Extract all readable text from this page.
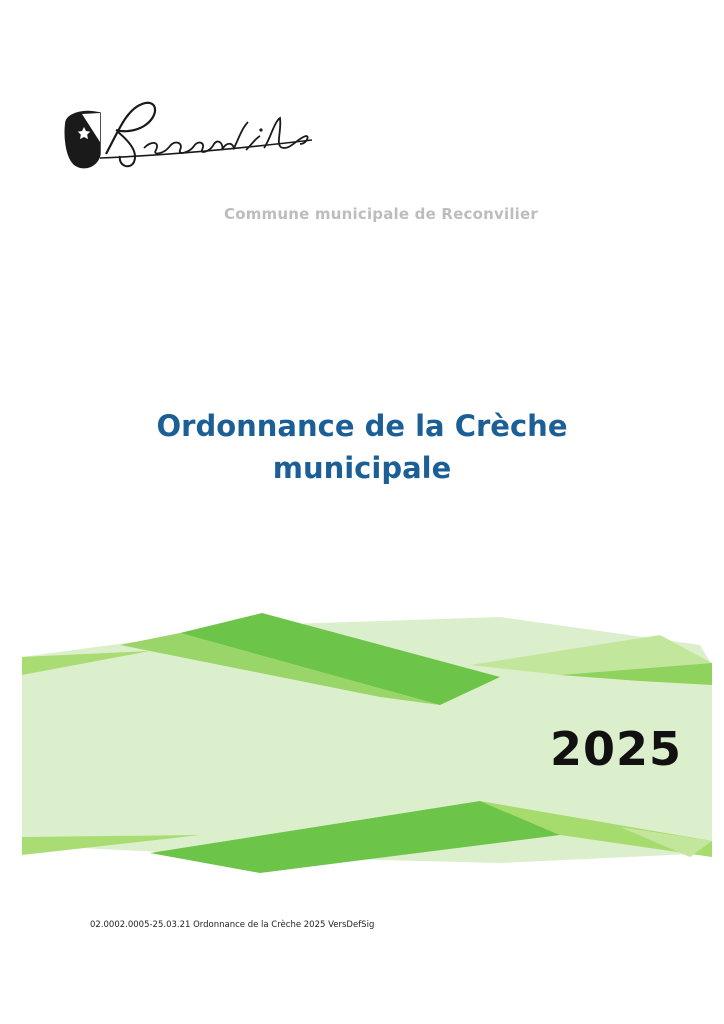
Commune municipale de Reconvilier
Ordonnance de la Crèche
municipale
2025
02.0002.0005-25.03.21 Ordonnance de la Crèche 2025 VersDefSig
